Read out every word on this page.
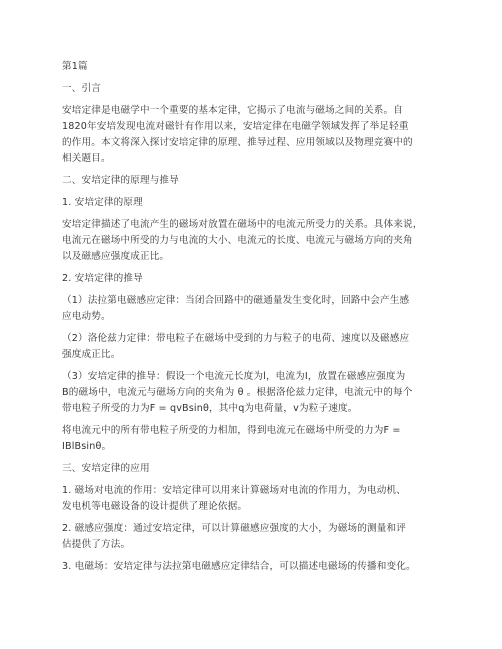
第1篇
一、引言
安培定律是电磁学中一个重要的基本定律，它揭示了电流与磁场之间的关系。自
1820年安培发现电流对磁针有作用以来，安培定律在电磁学领域发挥了举足轻重
的作用。本文将深入探讨安培定律的原理、推导过程、应用领域以及物理竞赛中的
相关题目。
二、安培定律的原理与推导
1. 安培定律的原理
安培定律描述了电流产生的磁场对放置在磁场中的电流元所受力的关系。具体来说，
电流元在磁场中所受的力与电流的大小、电流元的长度、电流元与磁场方向的夹角
以及磁感应强度成正比。
2. 安培定律的推导
（1）法拉第电磁感应定律：当闭合回路中的磁通量发生变化时，回路中会产生感
应电动势。
（2）洛伦兹力定律：带电粒子在磁场中受到的力与粒子的电荷、速度以及磁感应
强度成正比。
（3）安培定律的推导：假设一个电流元长度为l，电流为I，放置在磁感应强度为
B的磁场中，电流元与磁场方向的夹角为 θ 。根据洛伦兹力定律，电流元中的每个
带电粒子所受的力为F = qvBsinθ，其中q为电荷量，v为粒子速度。
将电流元中的所有带电粒子所受的力相加，得到电流元在磁场中所受的力为F =
IBlBsinθ。
三、安培定律的应用
1. 磁场对电流的作用：安培定律可以用来计算磁场对电流的作用力，为电动机、
发电机等电磁设备的设计提供了理论依据。
2. 磁感应强度：通过安培定律，可以计算磁感应强度的大小，为磁场的测量和评
估提供了方法。
3. 电磁场：安培定律与法拉第电磁感应定律结合，可以描述电磁场的传播和变化。
